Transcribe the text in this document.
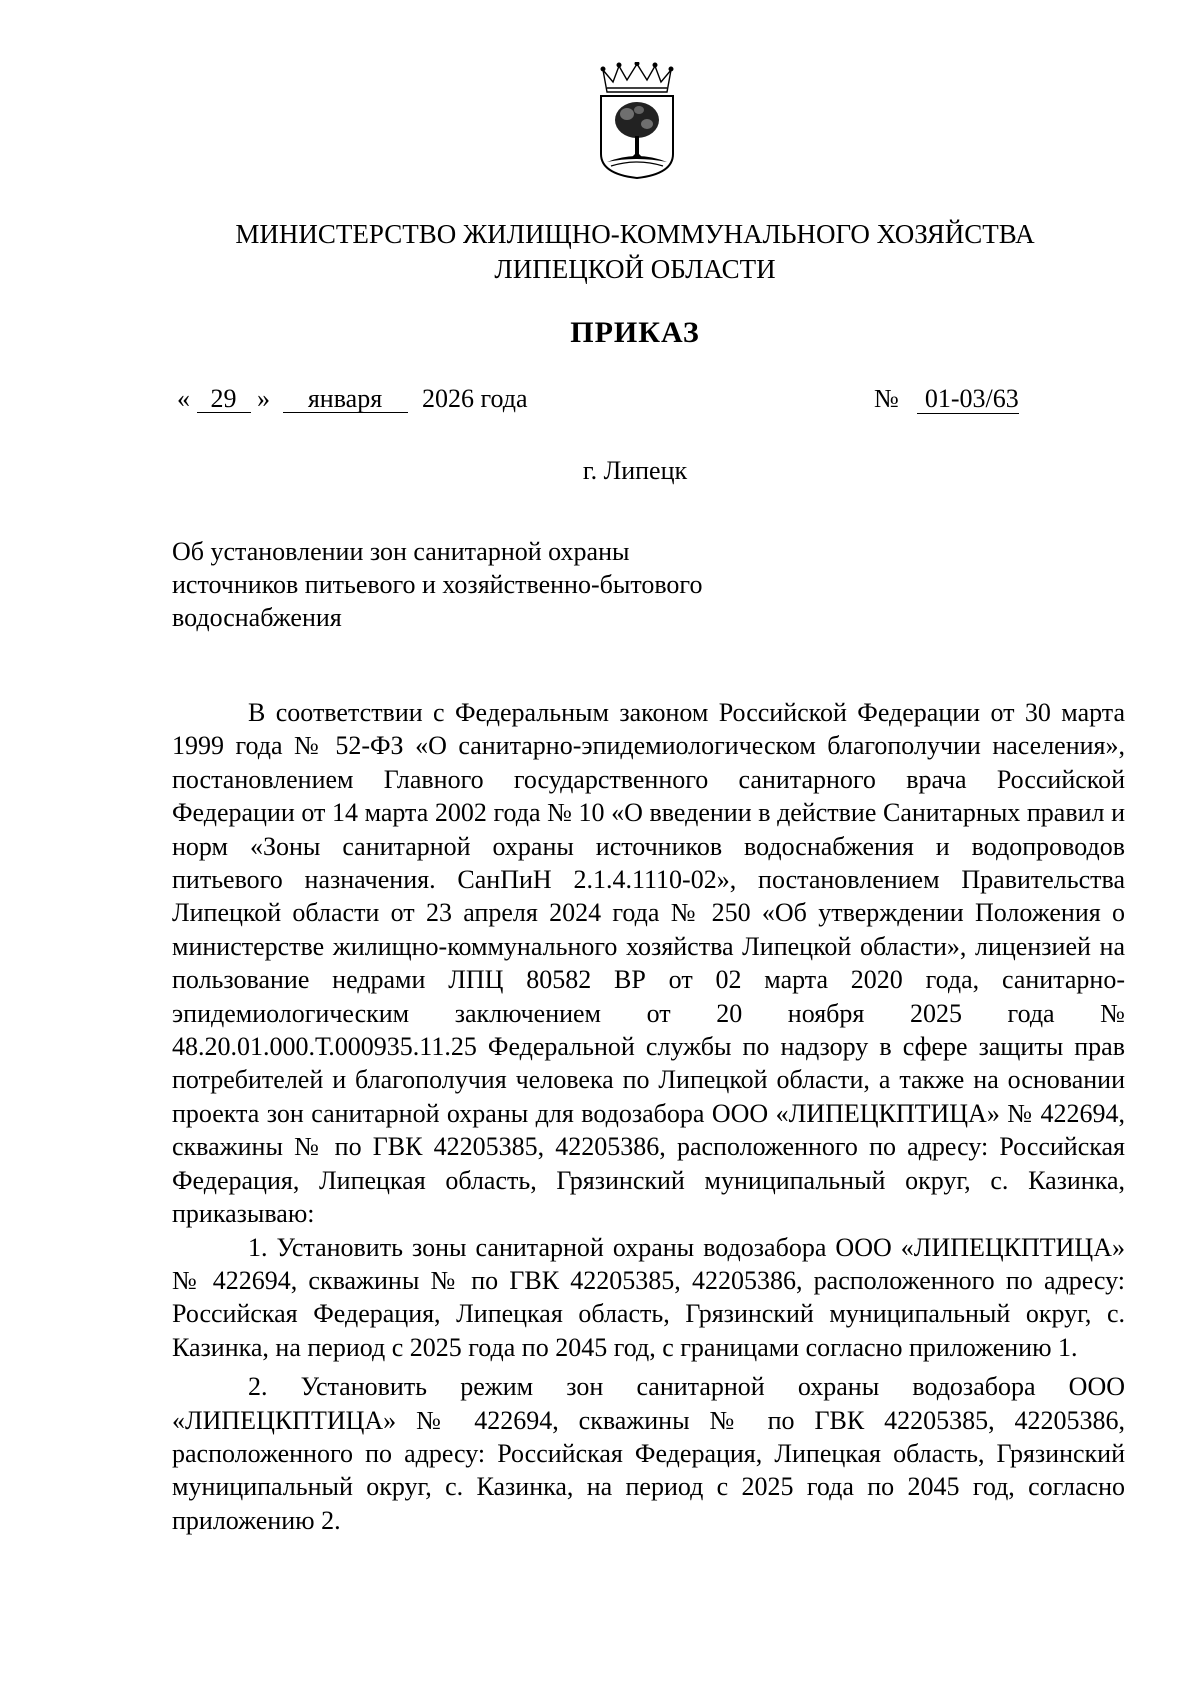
МИНИСТЕРСТВО ЖИЛИЩНО-КОММУНАЛЬНОГО ХОЗЯЙСТВА
ЛИПЕЦКОЙ ОБЛАСТИ
ПРИКАЗ
« 29 » января 2026 года	№ 01-03/63
г. Липецк
Об установлении зон санитарной охраны
источников питьевого и хозяйственно-бытового
водоснабжения

В соответствии с Федеральным законом Российской Федерации от 30 марта 1999 года № 52-ФЗ «О санитарно-эпидемиологическом благополучии населения», постановлением Главного государственного санитарного врача Российской Федерации от 14 марта 2002 года № 10 «О введении в действие Санитарных правил и норм «Зоны санитарной охраны источников водоснабжения и водопроводов питьевого назначения. СанПиН 2.1.4.1110-02», постановлением Правительства Липецкой области от 23 апреля 2024 года № 250 «Об утверждении Положения о министерстве жилищно-коммунального хозяйства Липецкой области», лицензией на пользование недрами ЛПЦ 80582 ВР от 02 марта 2020 года, санитарно-эпидемиологическим заключением от 20 ноября 2025 года № 48.20.01.000.Т.000935.11.25 Федеральной службы по надзору в сфере защиты прав потребителей и благополучия человека по Липецкой области, а также на основании проекта зон санитарной охраны для водозабора ООО «ЛИПЕЦКПТИЦА» № 422694, скважины № по ГВК 42205385, 42205386, расположенного по адресу: Российская Федерация, Липецкая область, Грязинский муниципальный округ, с. Казинка, приказываю:

1. Установить зоны санитарной охраны водозабора ООО «ЛИПЕЦКПТИЦА» № 422694, скважины № по ГВК 42205385, 42205386, расположенного по адресу: Российская Федерация, Липецкая область, Грязинский муниципальный округ, с. Казинка, на период с 2025 года по 2045 год, с границами согласно приложению 1.

2. Установить режим зон санитарной охраны водозабора ООО «ЛИПЕЦКПТИЦА» № 422694, скважины № по ГВК 42205385, 42205386, расположенного по адресу: Российская Федерация, Липецкая область, Грязинский муниципальный округ, с. Казинка, на период с 2025 года по 2045 год, согласно приложению 2.
